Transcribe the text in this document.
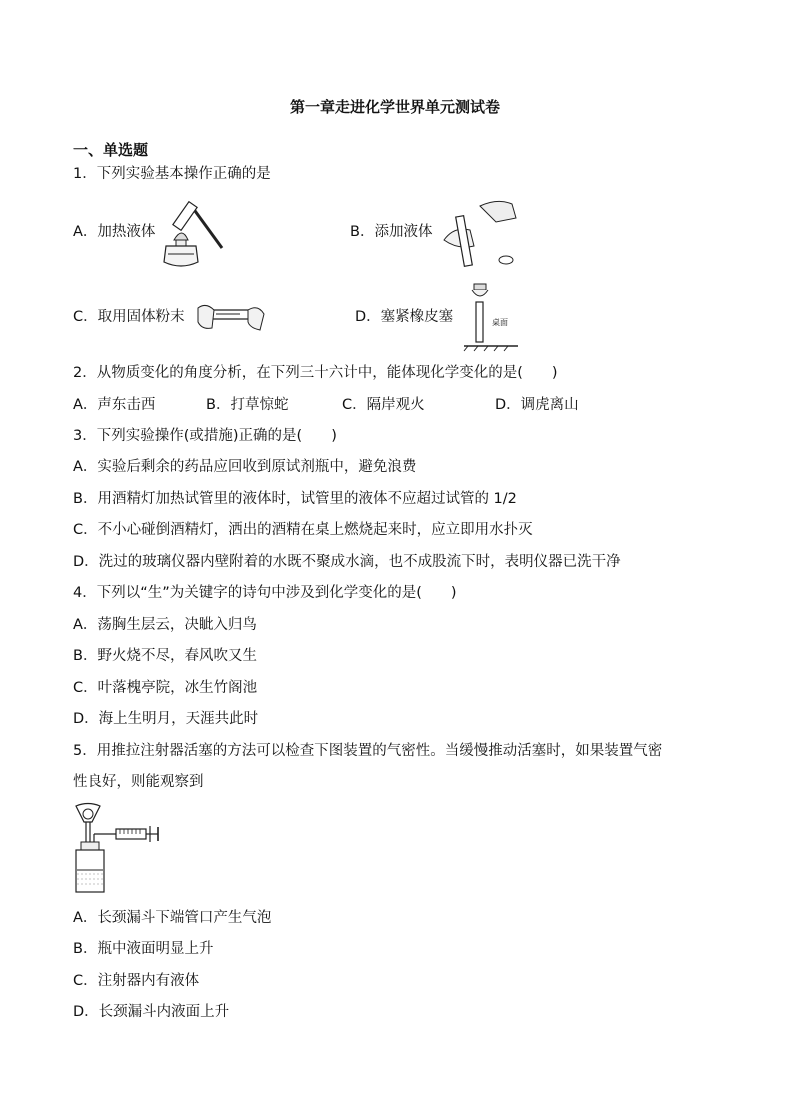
第一章走进化学世界单元测试卷
一、单选题
1．下列实验基本操作正确的是
A．加热液体	B．添加液体
C．取用固体粉末	D．塞紧橡皮塞	桌面
2．从物质变化的角度分析，在下列三十六计中，能体现化学变化的是(　　)
A．声东击西	B．打草惊蛇	C．隔岸观火	D．调虎离山
3．下列实验操作(或措施)正确的是(　　)
A．实验后剩余的药品应回收到原试剂瓶中，避免浪费
B．用酒精灯加热试管里的液体时，试管里的液体不应超过试管的 1/2
C．不小心碰倒酒精灯，洒出的酒精在桌上燃烧起来时，应立即用水扑灭
D．洗过的玻璃仪器内壁附着的水既不聚成水滴，也不成股流下时，表明仪器已洗干净
4．下列以“生”为关键字的诗句中涉及到化学变化的是(　　)
A．荡胸生层云，决眦入归鸟
B．野火烧不尽，春风吹又生
C．叶落槐亭院，冰生竹阁池
D．海上生明月，天涯共此时
5．用推拉注射器活塞的方法可以检查下图装置的气密性。当缓慢推动活塞时，如果装置气密
性良好，则能观察到
A．长颈漏斗下端管口产生气泡
B．瓶中液面明显上升
C．注射器内有液体
D．长颈漏斗内液面上升
